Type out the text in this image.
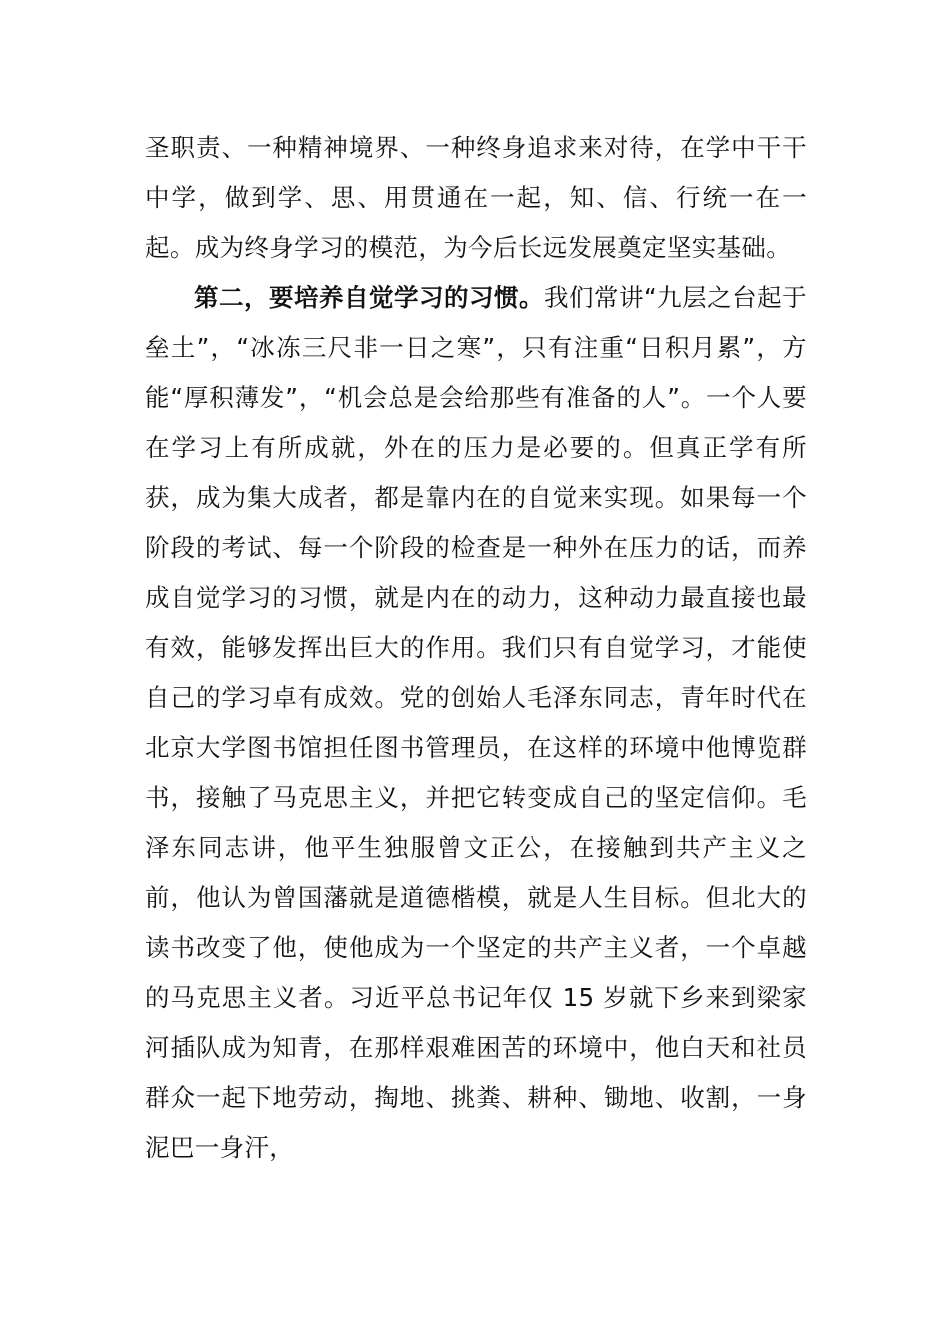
圣职责、一种精神境界、一种终身追求来对待，在学中干干中学，做到学、思、用贯通在一起，知、信、行统一在一起。成为终身学习的模范，为今后长远发展奠定坚实基础。

第二，要培养自觉学习的习惯。我们常讲“九层之台起于垒土”，“冰冻三尺非一日之寒”，只有注重“日积月累”，方能“厚积薄发”，“机会总是会给那些有准备的人”。一个人要在学习上有所成就，外在的压力是必要的。但真正学有所获，成为集大成者，都是靠内在的自觉来实现。如果每一个阶段的考试、每一个阶段的检查是一种外在压力的话，而养成自觉学习的习惯，就是内在的动力，这种动力最直接也最有效，能够发挥出巨大的作用。我们只有自觉学习，才能使自己的学习卓有成效。党的创始人毛泽东同志，青年时代在北京大学图书馆担任图书管理员，在这样的环境中他博览群书，接触了马克思主义，并把它转变成自己的坚定信仰。毛泽东同志讲，他平生独服曾文正公，在接触到共产主义之前，他认为曾国藩就是道德楷模，就是人生目标。但北大的读书改变了他，使他成为一个坚定的共产主义者，一个卓越的马克思主义者。习近平总书记年仅 15 岁就下乡来到梁家河插队成为知青，在那样艰难困苦的环境中，他白天和社员群众一起下地劳动，掏地、挑粪、耕种、锄地、收割，一身泥巴一身汗，
